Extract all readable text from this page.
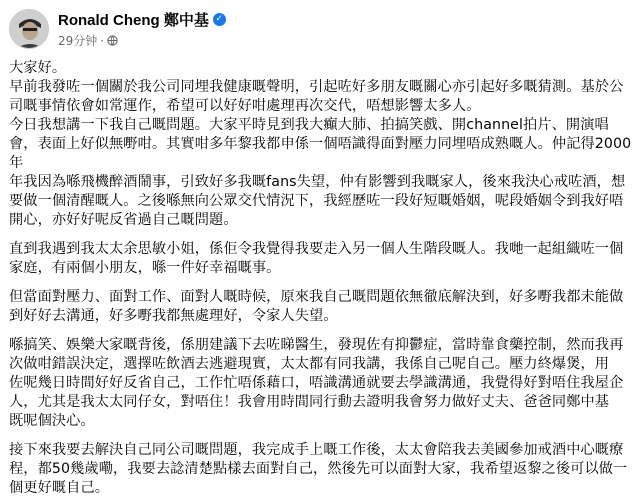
Ronald Cheng 鄭中基 ✓
29分钟 ·

大家好。
早前我發咗一個關於我公司同埋我健康嘅聲明，引起咗好多朋友嘅關心亦引起好多嘅猜測。基於公
司嘅事情依會如常運作，希望可以好好咁處理再次交代，唔想影響太多人。

今日我想講一下我自己嘅問題。大家平時見到我大癲大肺、拍搞笑戲、開channel拍片、開演唱
會，表面上好似無嘢咁。其實咁多年黎我都申係一個唔識得面對壓力同埋唔成熟嘅人。仲記得2000年
年我因為喺飛機醉酒鬧事，引致好多我嘅fans失望，仲有影響到我嘅家人，後來我決心戒咗酒，想
要做一個清醒嘅人。之後喺無向公眾交代情況下，我經歷咗一段好短嘅婚姻，呢段婚姻令到我好唔
開心，亦好好呢反省過自己嘅問題。

直到我遇到我太太余思敏小姐，係佢令我覺得我要走入另一個人生階段嘅人。我哋一起組織咗一個
家庭，有兩個小朋友，喺一件好幸福嘅事。

但當面對壓力、面對工作、面對人嘅時候，原來我自己嘅問題依無徹底解決到，好多嘢我都未能做
到好好去溝通，好多嘢我都無處理好，令家人失望。

喺搞笑、娛樂大家嘅背後，係朋建議下去咗睇醫生，發現佐有抑鬱症，當時靠食藥控制，然而我再
次做咁錯誤決定，選擇咗飲酒去逃避現實，太太都有同我講，我係自己呢自己。壓力終爆煲，用
佐呢幾日時間好好反省自己，工作忙唔係藉口，唔識溝通就要去學識溝通，我覺得好對唔住我屋企
人，尤其是我太太同仔女，對唔住！我會用時間同行動去證明我會努力做好丈夫、爸爸同鄭中基
既呢個決心。

接下來我要去解決自己同公司嘅問題，我完成手上嘅工作後，太太會陪我去美國參加戒酒中心嘅療
程，都50幾歲嘞，我要去諗清楚點樣去面對自己，然後先可以面對大家，我希望返黎之後可以做一
個更好嘅自己。
